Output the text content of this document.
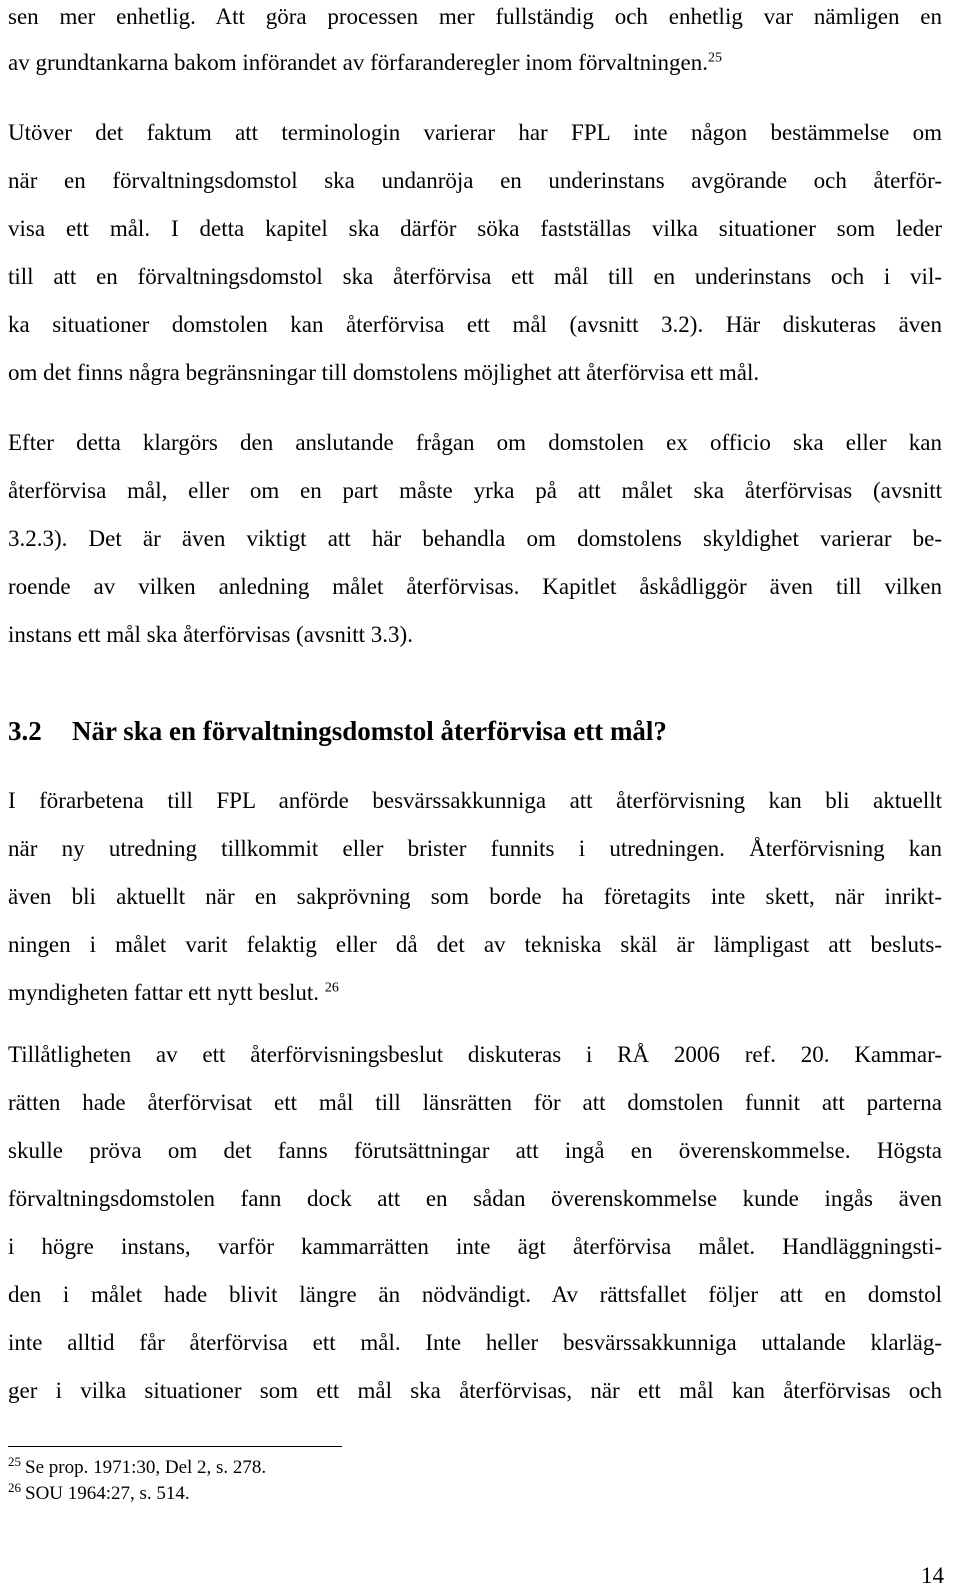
sen mer enhetlig. Att göra processen mer fullständig och enhetlig var nämligen en
av grundtankarna bakom införandet av förfaranderegler inom förvaltningen.$^{25}$
Utöver det faktum att terminologin varierar har FPL inte någon bestämmelse om
när en förvaltningsdomstol ska undanröja en underinstans avgörande och återför-
visa ett mål. I detta kapitel ska därför söka fastställas vilka situationer som leder
till att en förvaltningsdomstol ska återförvisa ett mål till en underinstans och i vil-
ka situationer domstolen kan återförvisa ett mål (avsnitt 3.2). Här diskuteras även
om det finns några begränsningar till domstolens möjlighet att återförvisa ett mål.
Efter detta klargörs den anslutande frågan om domstolen ex officio ska eller kan
återförvisa mål, eller om en part måste yrka på att målet ska återförvisas (avsnitt
3.2.3). Det är även viktigt att här behandla om domstolens skyldighet varierar be-
roende av vilken anledning målet återförvisas. Kapitlet åskådliggör även till vilken
instans ett mål ska återförvisas (avsnitt 3.3).
3.2 När ska en förvaltningsdomstol återförvisa ett mål?
I förarbetena till FPL anförde besvärssakkunniga att återförvisning kan bli aktuellt
när ny utredning tillkommit eller brister funnits i utredningen. Återförvisning kan
även bli aktuellt när en sakprövning som borde ha företagits inte skett, när inrikt-
ningen i målet varit felaktig eller då det av tekniska skäl är lämpligast att besluts-
myndigheten fattar ett nytt beslut. $^{26}$
Tillåtligheten av ett återförvisningsbeslut diskuteras i RÅ 2006 ref. 20. Kammar-
rätten hade återförvisat ett mål till länsrätten för att domstolen funnit att parterna
skulle pröva om det fanns förutsättningar att ingå en överenskommelse. Högsta
förvaltningsdomstolen fann dock att en sådan överenskommelse kunde ingås även
i högre instans, varför kammarrätten inte ägt återförvisa målet. Handläggningsti-
den i målet hade blivit längre än nödvändigt. Av rättsfallet följer att en domstol
inte alltid får återförvisa ett mål. Inte heller besvärssakkunniga uttalande klarläg-
ger i vilka situationer som ett mål ska återförvisas, när ett mål kan återförvisas och
$^{25}$ Se prop. 1971:30, Del 2, s. 278.
$^{26}$ SOU 1964:27, s. 514.
14
